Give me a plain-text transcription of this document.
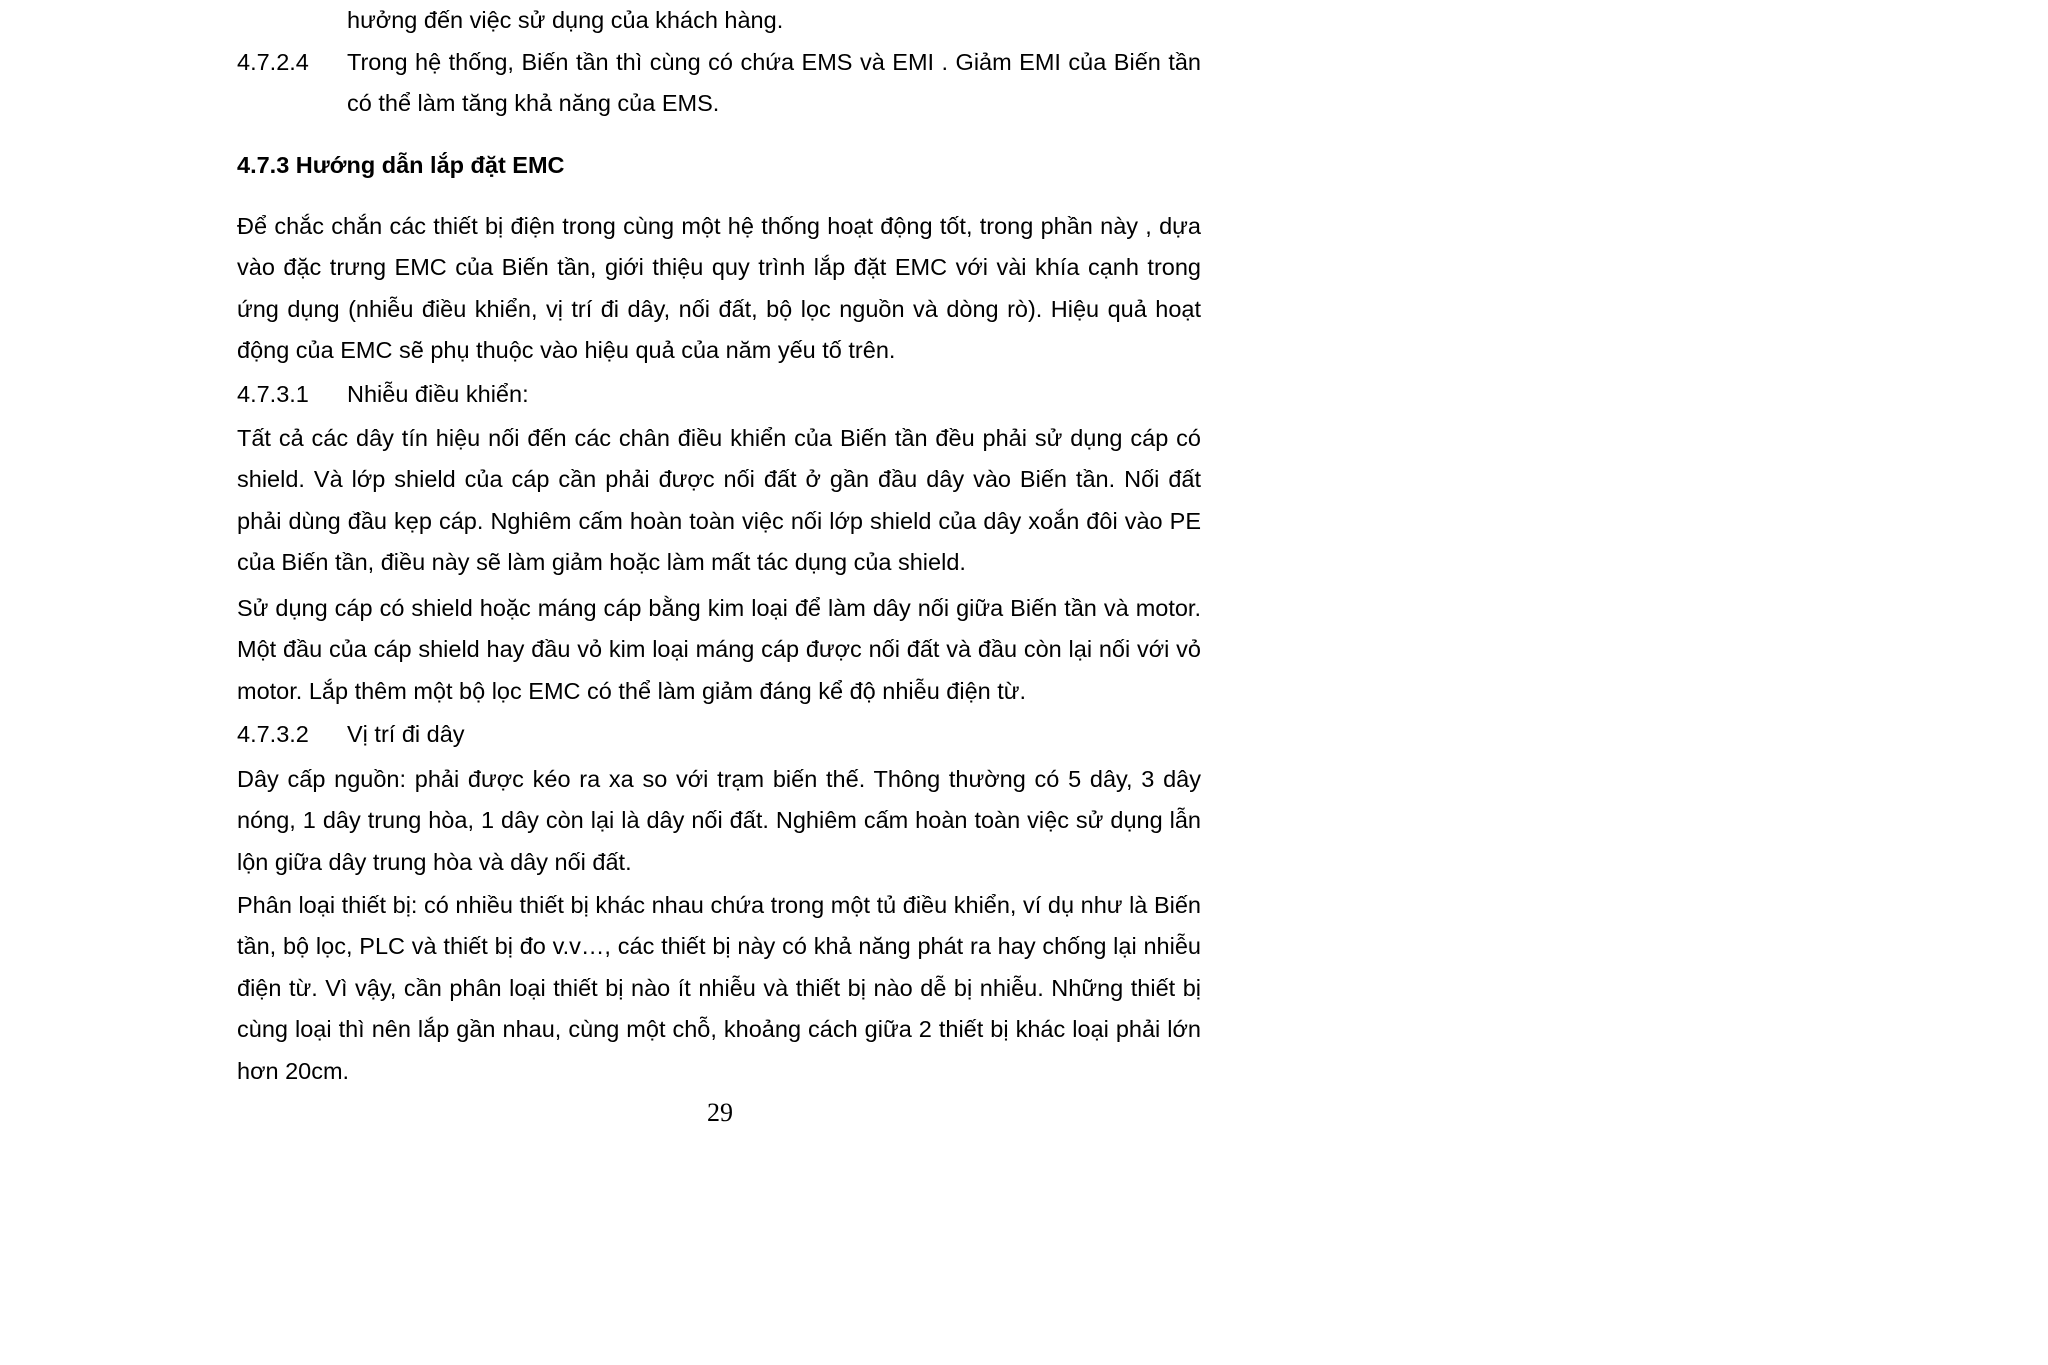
hưởng đến việc sử dụng của khách hàng.
4.7.2.4	Trong hệ thống, Biến tần thì cùng có chứa EMS và EMI . Giảm EMI của Biến tần có thể làm tăng khả năng của EMS.
4.7.3 Hướng dẫn lắp đặt EMC
Để chắc chắn các thiết bị điện trong cùng một hệ thống hoạt động tốt, trong phần này , dựa vào đặc trưng EMC của Biến tần, giới thiệu quy trình lắp đặt EMC với vài khía cạnh trong ứng dụng (nhiễu điều khiển, vị trí đi dây, nối đất, bộ lọc nguồn và dòng rò). Hiệu quả hoạt động của EMC sẽ phụ thuộc vào hiệu quả của năm yếu tố trên.
4.7.3.1	Nhiễu điều khiển:
Tất cả các dây tín hiệu nối đến các chân điều khiển của Biến tần đều phải sử dụng cáp có shield. Và lớp shield của cáp cần phải được nối đất ở gần đầu dây vào Biến tần. Nối đất phải dùng đầu kẹp cáp. Nghiêm cấm hoàn toàn việc nối lớp shield của dây xoắn đôi vào PE của Biến tần, điều này sẽ làm giảm hoặc làm mất tác dụng của shield.
Sử dụng cáp có shield hoặc máng cáp bằng kim loại để làm dây nối giữa Biến tần và motor. Một đầu của cáp shield hay đầu vỏ kim loại máng cáp được nối đất và đầu còn lại nối với vỏ motor. Lắp thêm một bộ lọc EMC có thể làm giảm đáng kể độ nhiễu điện từ.
4.7.3.2	Vị trí đi dây
Dây cấp nguồn: phải được kéo ra xa so với trạm biến thế. Thông thường có 5 dây, 3 dây nóng, 1 dây trung hòa, 1 dây còn lại là dây nối đất. Nghiêm cấm hoàn toàn việc sử dụng lẫn lộn giữa dây trung hòa và dây nối đất.
Phân loại thiết bị: có nhiều thiết bị khác nhau chứa trong một tủ điều khiển, ví dụ như là Biến tần, bộ lọc, PLC và thiết bị đo v.v…, các thiết bị này có khả năng phát ra hay chống lại nhiễu điện từ. Vì vậy, cần phân loại thiết bị nào ít nhiễu và thiết bị nào dễ bị nhiễu. Những thiết bị cùng loại thì nên lắp gần nhau, cùng một chỗ, khoảng cách giữa 2 thiết bị khác loại phải lớn hơn 20cm.
29
